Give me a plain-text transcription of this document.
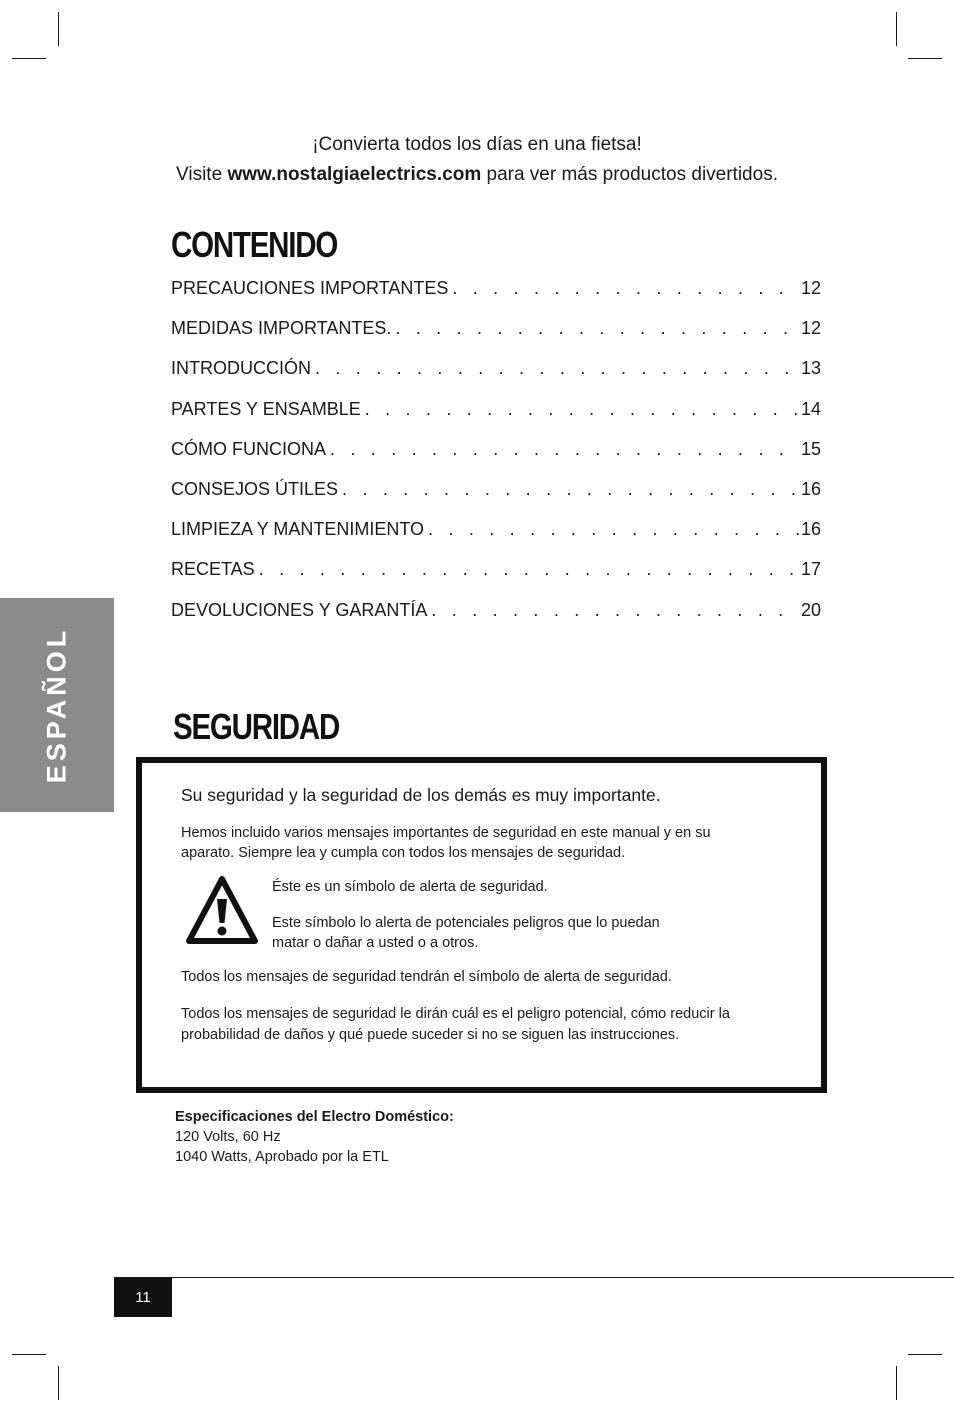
¡Convierta todos los días en una fietsa!
Visite www.nostalgiaelectrics.com para ver más productos divertidos.
CONTENIDO
PRECAUCIONES IMPORTANTES . . .	12
MEDIDAS IMPORTANTES. . . .	12
INTRODUCCIÓN . . .	13
PARTES Y ENSAMBLE . . .	14
CÓMO FUNCIONA . . .	15
CONSEJOS ÚTILES . . .	16
LIMPIEZA Y MANTENIMIENTO . . .	16
RECETAS . . .	17
DEVOLUCIONES Y GARANTÍA . . .	20
ESPAÑOL	SEGURIDAD
Su seguridad y la seguridad de los demás es muy importante.
Hemos incluido varios mensajes importantes de seguridad en este manual y en su aparato. Siempre lea y cumpla con todos los mensajes de seguridad.
Éste es un símbolo de alerta de seguridad.
Este símbolo lo alerta de potenciales peligros que lo puedan matar o dañar a usted o a otros.
Todos los mensajes de seguridad tendrán el símbolo de alerta de seguridad.
Todos los mensajes de seguridad le dirán cuál es el peligro potencial, cómo reducir la probabilidad de daños y qué puede suceder si no se siguen las instrucciones.
Especificaciones del Electro Doméstico:
120 Volts, 60 Hz
1040 Watts, Aprobado por la ETL
11
